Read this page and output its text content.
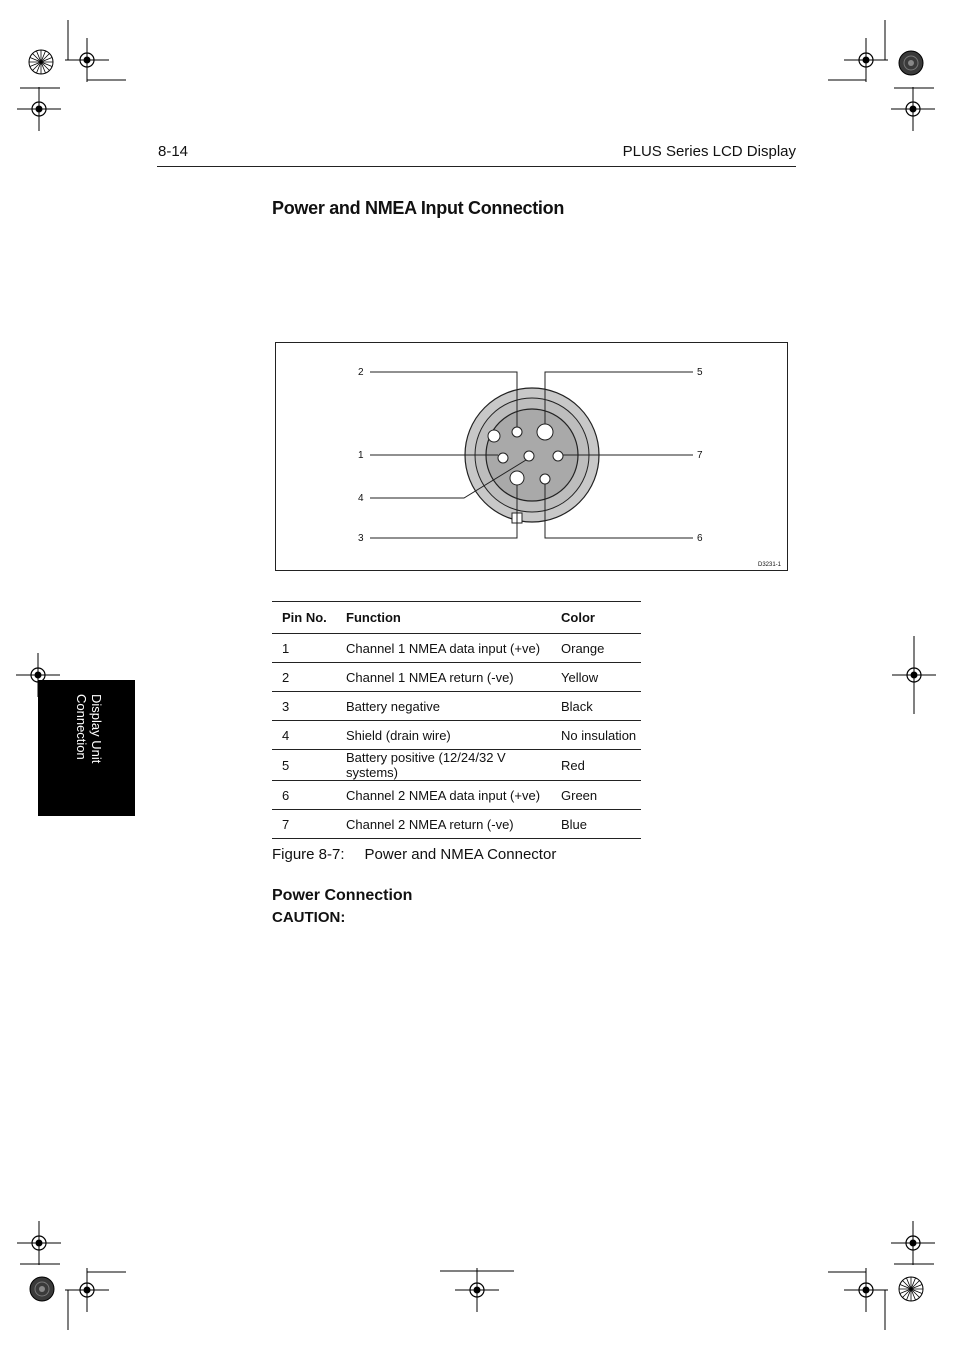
8-14	PLUS Series LCD Display
Display Unit
Connection
Power and NMEA Input Connection
2	5
1	7
4
3	6
D3231-1
Pin No.	Function	Color
1	Channel 1 NMEA data input (+ve)	Orange
2	Channel 1 NMEA return (-ve)	Yellow
3	Battery negative	Black
4	Shield (drain wire)	No insulation
5	Battery positive (12/24/32 V systems)	Red
6	Channel 2 NMEA data input (+ve)	Green
7	Channel 2 NMEA return (-ve)	Blue
Figure 8-7: Power and NMEA Connector
Power Connection
CAUTION:
